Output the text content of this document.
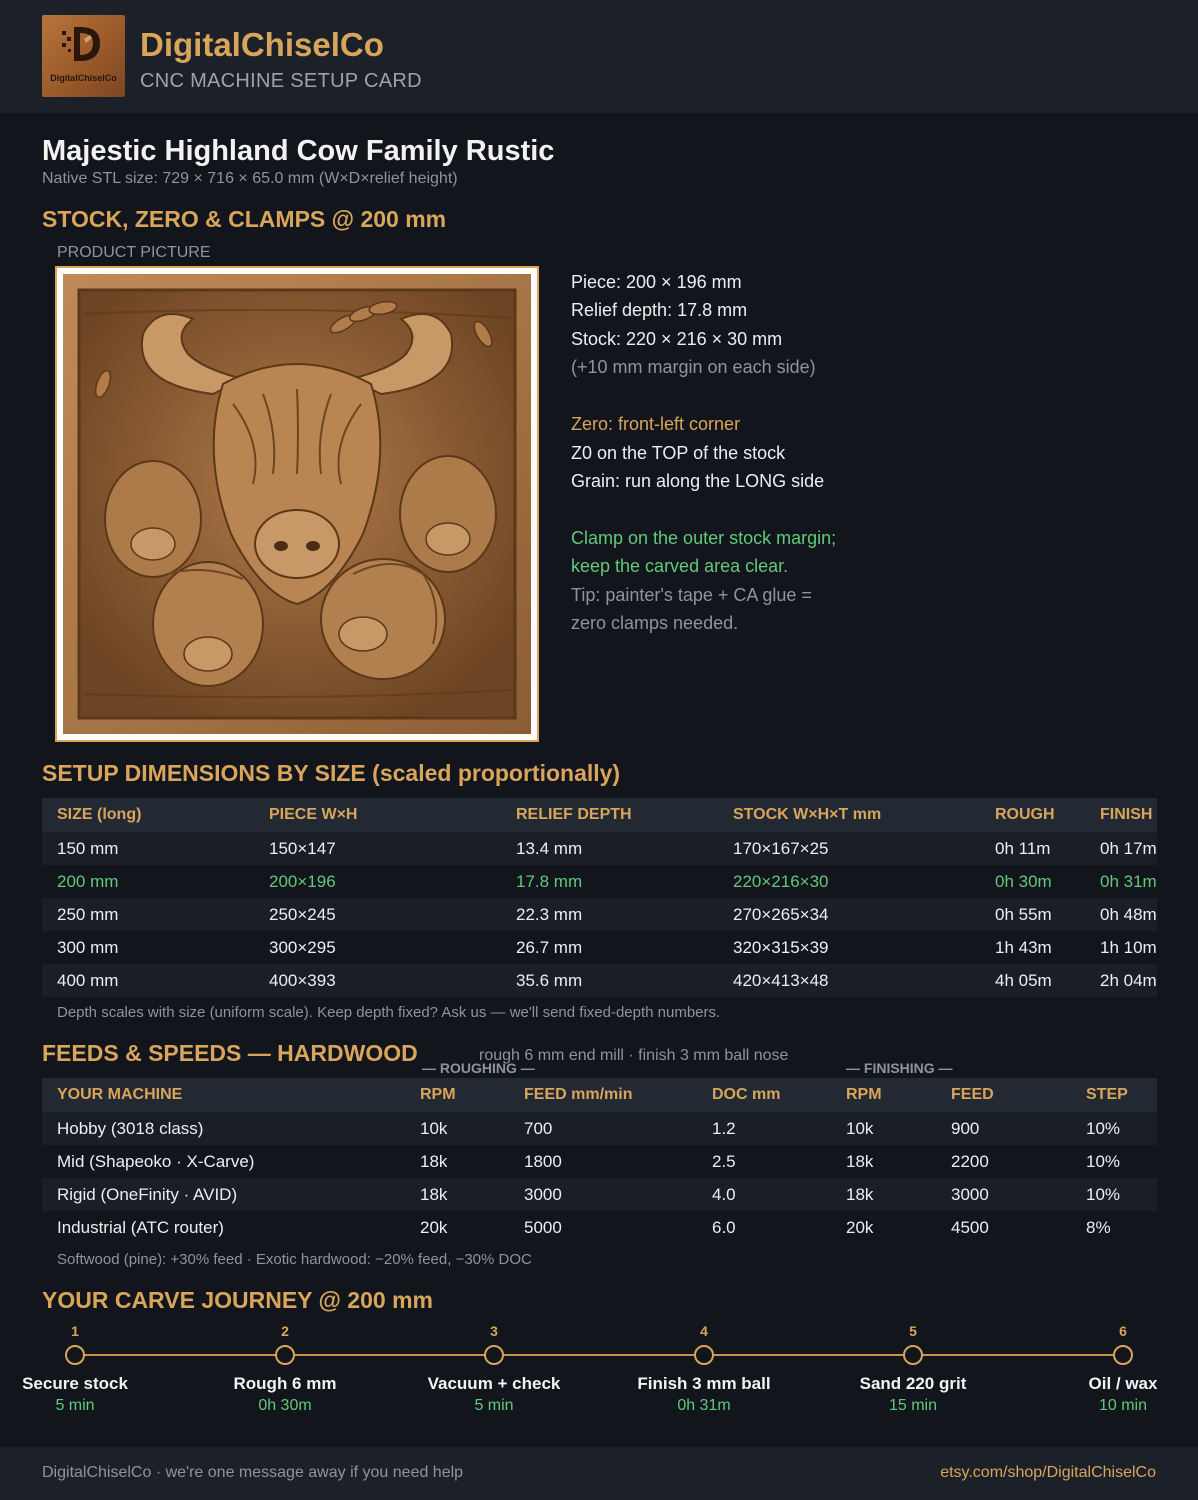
DigitalChiselCo
DigitalChiselCo
CNC MACHINE SETUP CARD
Majestic Highland Cow Family Rustic
Native STL size: 729 × 716 × 65.0 mm (W×D×relief height)
STOCK, ZERO & CLAMPS @ 200 mm
PRODUCT PICTURE
Piece: 200 × 196 mm
Relief depth: 17.8 mm
Stock: 220 × 216 × 30 mm
(+10 mm margin on each side)
Zero: front-left corner
Z0 on the TOP of the stock
Grain: run along the LONG side
Clamp on the outer stock margin;
keep the carved area clear.
Tip: painter's tape + CA glue =
zero clamps needed.
SETUP DIMENSIONS BY SIZE (scaled proportionally)
SIZE (long)	PIECE W×H	RELIEF DEPTH	STOCK W×H×T mm	ROUGH	FINISH
150 mm	150×147	13.4 mm	170×167×25	0h 11m	0h 17m
200 mm	200×196	17.8 mm	220×216×30	0h 30m	0h 31m
250 mm	250×245	22.3 mm	270×265×34	0h 55m	0h 48m
300 mm	300×295	26.7 mm	320×315×39	1h 43m	1h 10m
400 mm	400×393	35.6 mm	420×413×48	4h 05m	2h 04m
Depth scales with size (uniform scale). Keep depth fixed? Ask us — we'll send fixed-depth numbers.
FEEDS & SPEEDS — HARDWOOD	rough 6 mm end mill · finish 3 mm ball nose
— ROUGHING —	— FINISHING —
YOUR MACHINE	RPM	FEED mm/min	DOC mm	RPM	FEED	STEP
Hobby (3018 class)	10k	700	1.2	10k	900	10%
Mid (Shapeoko · X-Carve)	18k	1800	2.5	18k	2200	10%
Rigid (OneFinity · AVID)	18k	3000	4.0	18k	3000	10%
Industrial (ATC router)	20k	5000	6.0	20k	4500	8%
Softwood (pine): +30% feed · Exotic hardwood: −20% feed, −30% DOC
YOUR CARVE JOURNEY @ 200 mm
1
Secure stock
5 min
2
Rough 6 mm
0h 30m
3
Vacuum + check
5 min
4
Finish 3 mm ball
0h 31m
5
Sand 220 grit
15 min
6
Oil / wax
10 min
DigitalChiselCo · we're one message away if you need help	etsy.com/shop/DigitalChiselCo
